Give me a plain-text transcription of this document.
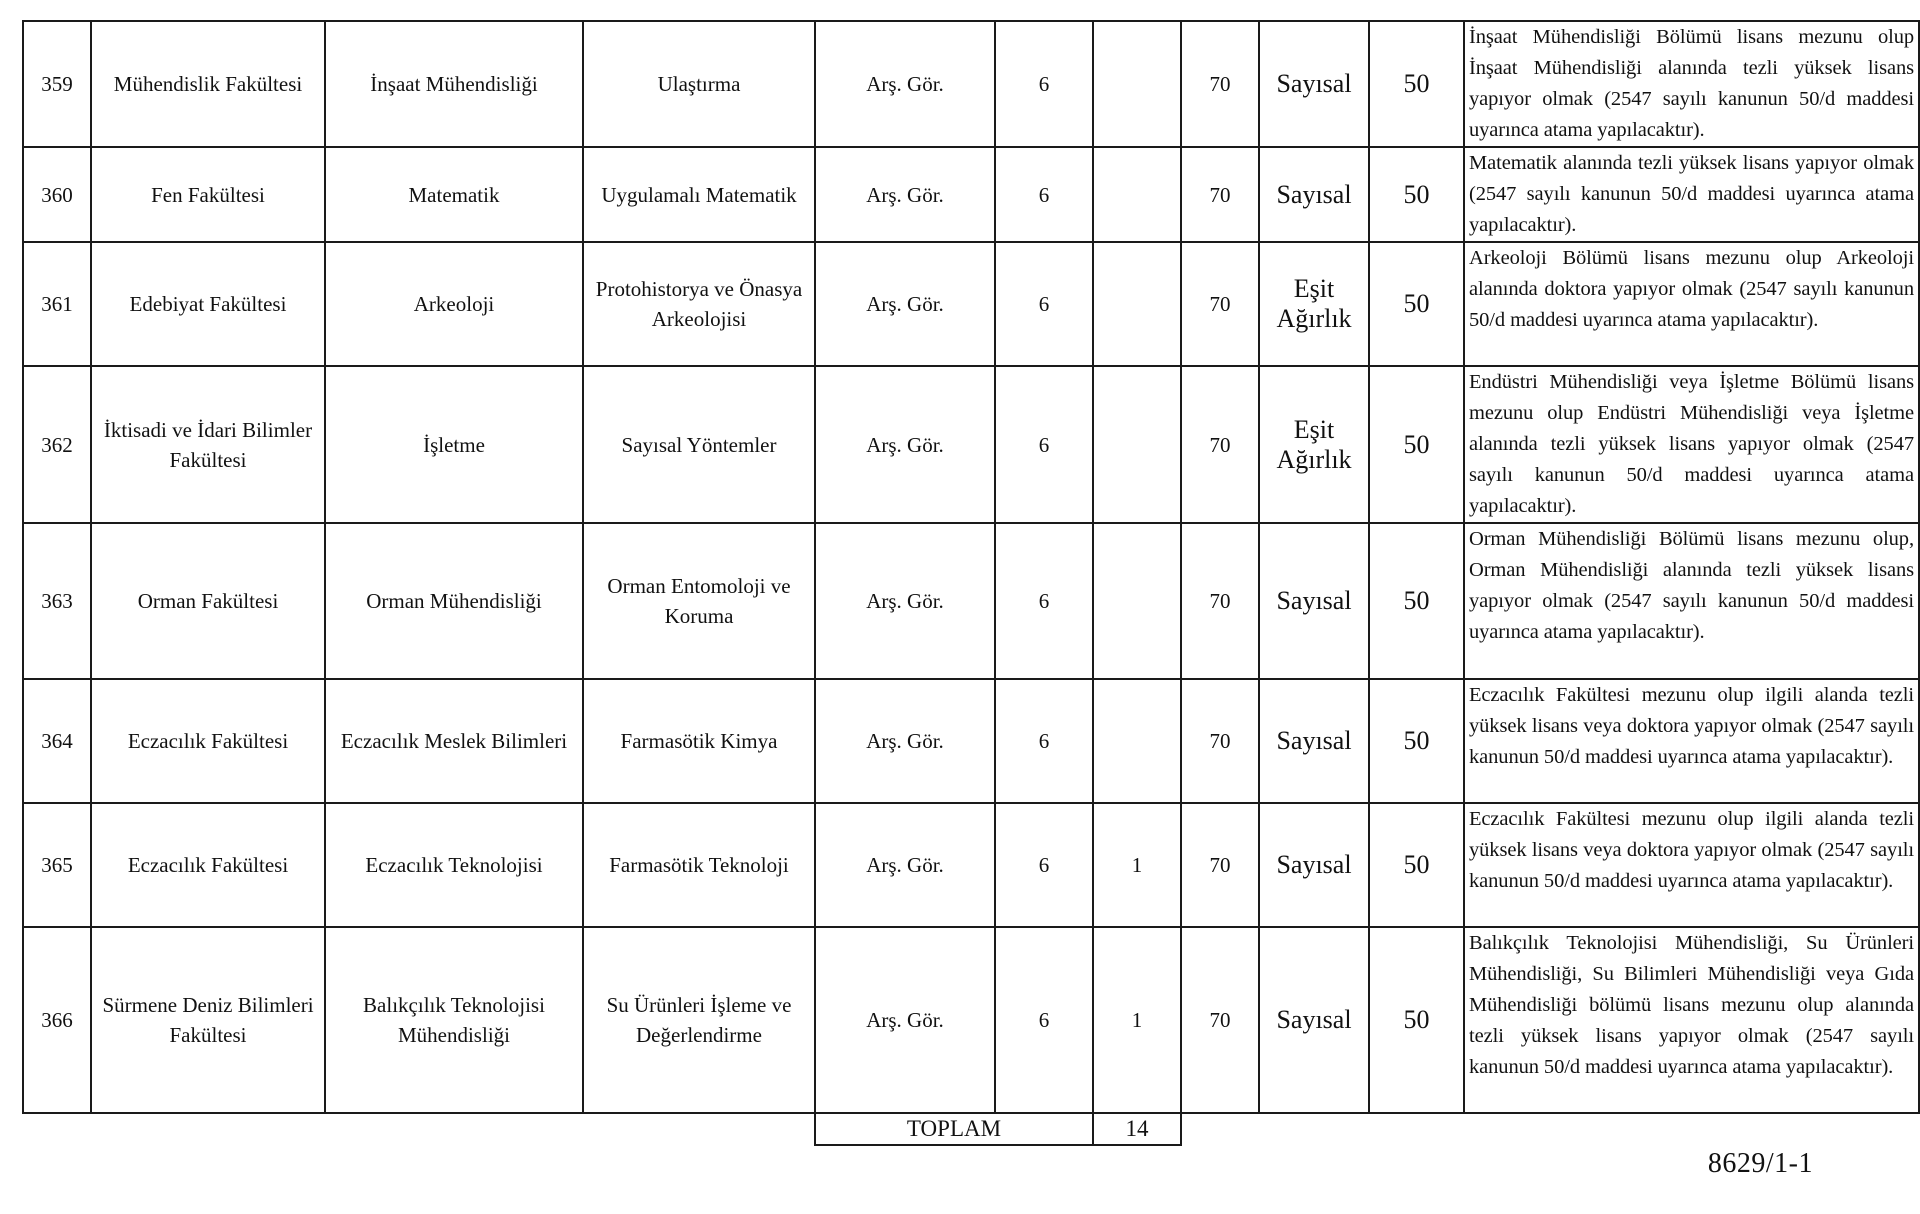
359	Mühendislik Fakültesi	İnşaat Mühendisliği	Ulaştırma	Arş. Gör.	6		70	Sayısal	50	İnşaat Mühendisliği Bölümü lisans mezunu olup İnşaat Mühendisliği alanında tezli yüksek lisans yapıyor olmak (2547 sayılı kanunun 50/d maddesi uyarınca atama yapılacaktır).
360	Fen Fakültesi	Matematik	Uygulamalı Matematik	Arş. Gör.	6		70	Sayısal	50	Matematik alanında tezli yüksek lisans yapıyor olmak (2547 sayılı kanunun 50/d maddesi uyarınca atama yapılacaktır).
361	Edebiyat Fakültesi	Arkeoloji	Protohistorya ve Önasya Arkeolojisi	Arş. Gör.	6		70	Eşit Ağırlık	50	Arkeoloji Bölümü lisans mezunu olup Arkeoloji alanında doktora yapıyor olmak (2547 sayılı kanunun 50/d maddesi uyarınca atama yapılacaktır).
362	İktisadi ve İdari Bilimler Fakültesi	İşletme	Sayısal Yöntemler	Arş. Gör.	6		70	Eşit Ağırlık	50	Endüstri Mühendisliği veya İşletme Bölümü lisans mezunu olup Endüstri Mühendisliği veya İşletme alanında tezli yüksek lisans yapıyor olmak (2547 sayılı kanunun 50/d maddesi uyarınca atama yapılacaktır).
363	Orman Fakültesi	Orman Mühendisliği	Orman Entomoloji ve Koruma	Arş. Gör.	6		70	Sayısal	50	Orman Mühendisliği Bölümü lisans mezunu olup, Orman Mühendisliği alanında tezli yüksek lisans yapıyor olmak (2547 sayılı kanunun 50/d maddesi uyarınca atama yapılacaktır).
364	Eczacılık Fakültesi	Eczacılık Meslek Bilimleri	Farmasötik Kimya	Arş. Gör.	6		70	Sayısal	50	Eczacılık Fakültesi mezunu olup ilgili alanda tezli yüksek lisans veya doktora yapıyor olmak (2547 sayılı kanunun 50/d maddesi uyarınca atama yapılacaktır).
365	Eczacılık Fakültesi	Eczacılık Teknolojisi	Farmasötik Teknoloji	Arş. Gör.	6	1	70	Sayısal	50	Eczacılık Fakültesi mezunu olup ilgili alanda tezli yüksek lisans veya doktora yapıyor olmak (2547 sayılı kanunun 50/d maddesi uyarınca atama yapılacaktır).
366	Sürmene Deniz Bilimleri Fakültesi	Balıkçılık Teknolojisi Mühendisliği	Su Ürünleri İşleme ve Değerlendirme	Arş. Gör.	6	1	70	Sayısal	50	Balıkçılık Teknolojisi Mühendisliği, Su Ürünleri Mühendisliği, Su Bilimleri Mühendisliği veya Gıda Mühendisliği bölümü lisans mezunu olup alanında tezli yüksek lisans yapıyor olmak (2547 sayılı kanunun 50/d maddesi uyarınca atama yapılacaktır).
TOPLAM	14
8629/1-1
